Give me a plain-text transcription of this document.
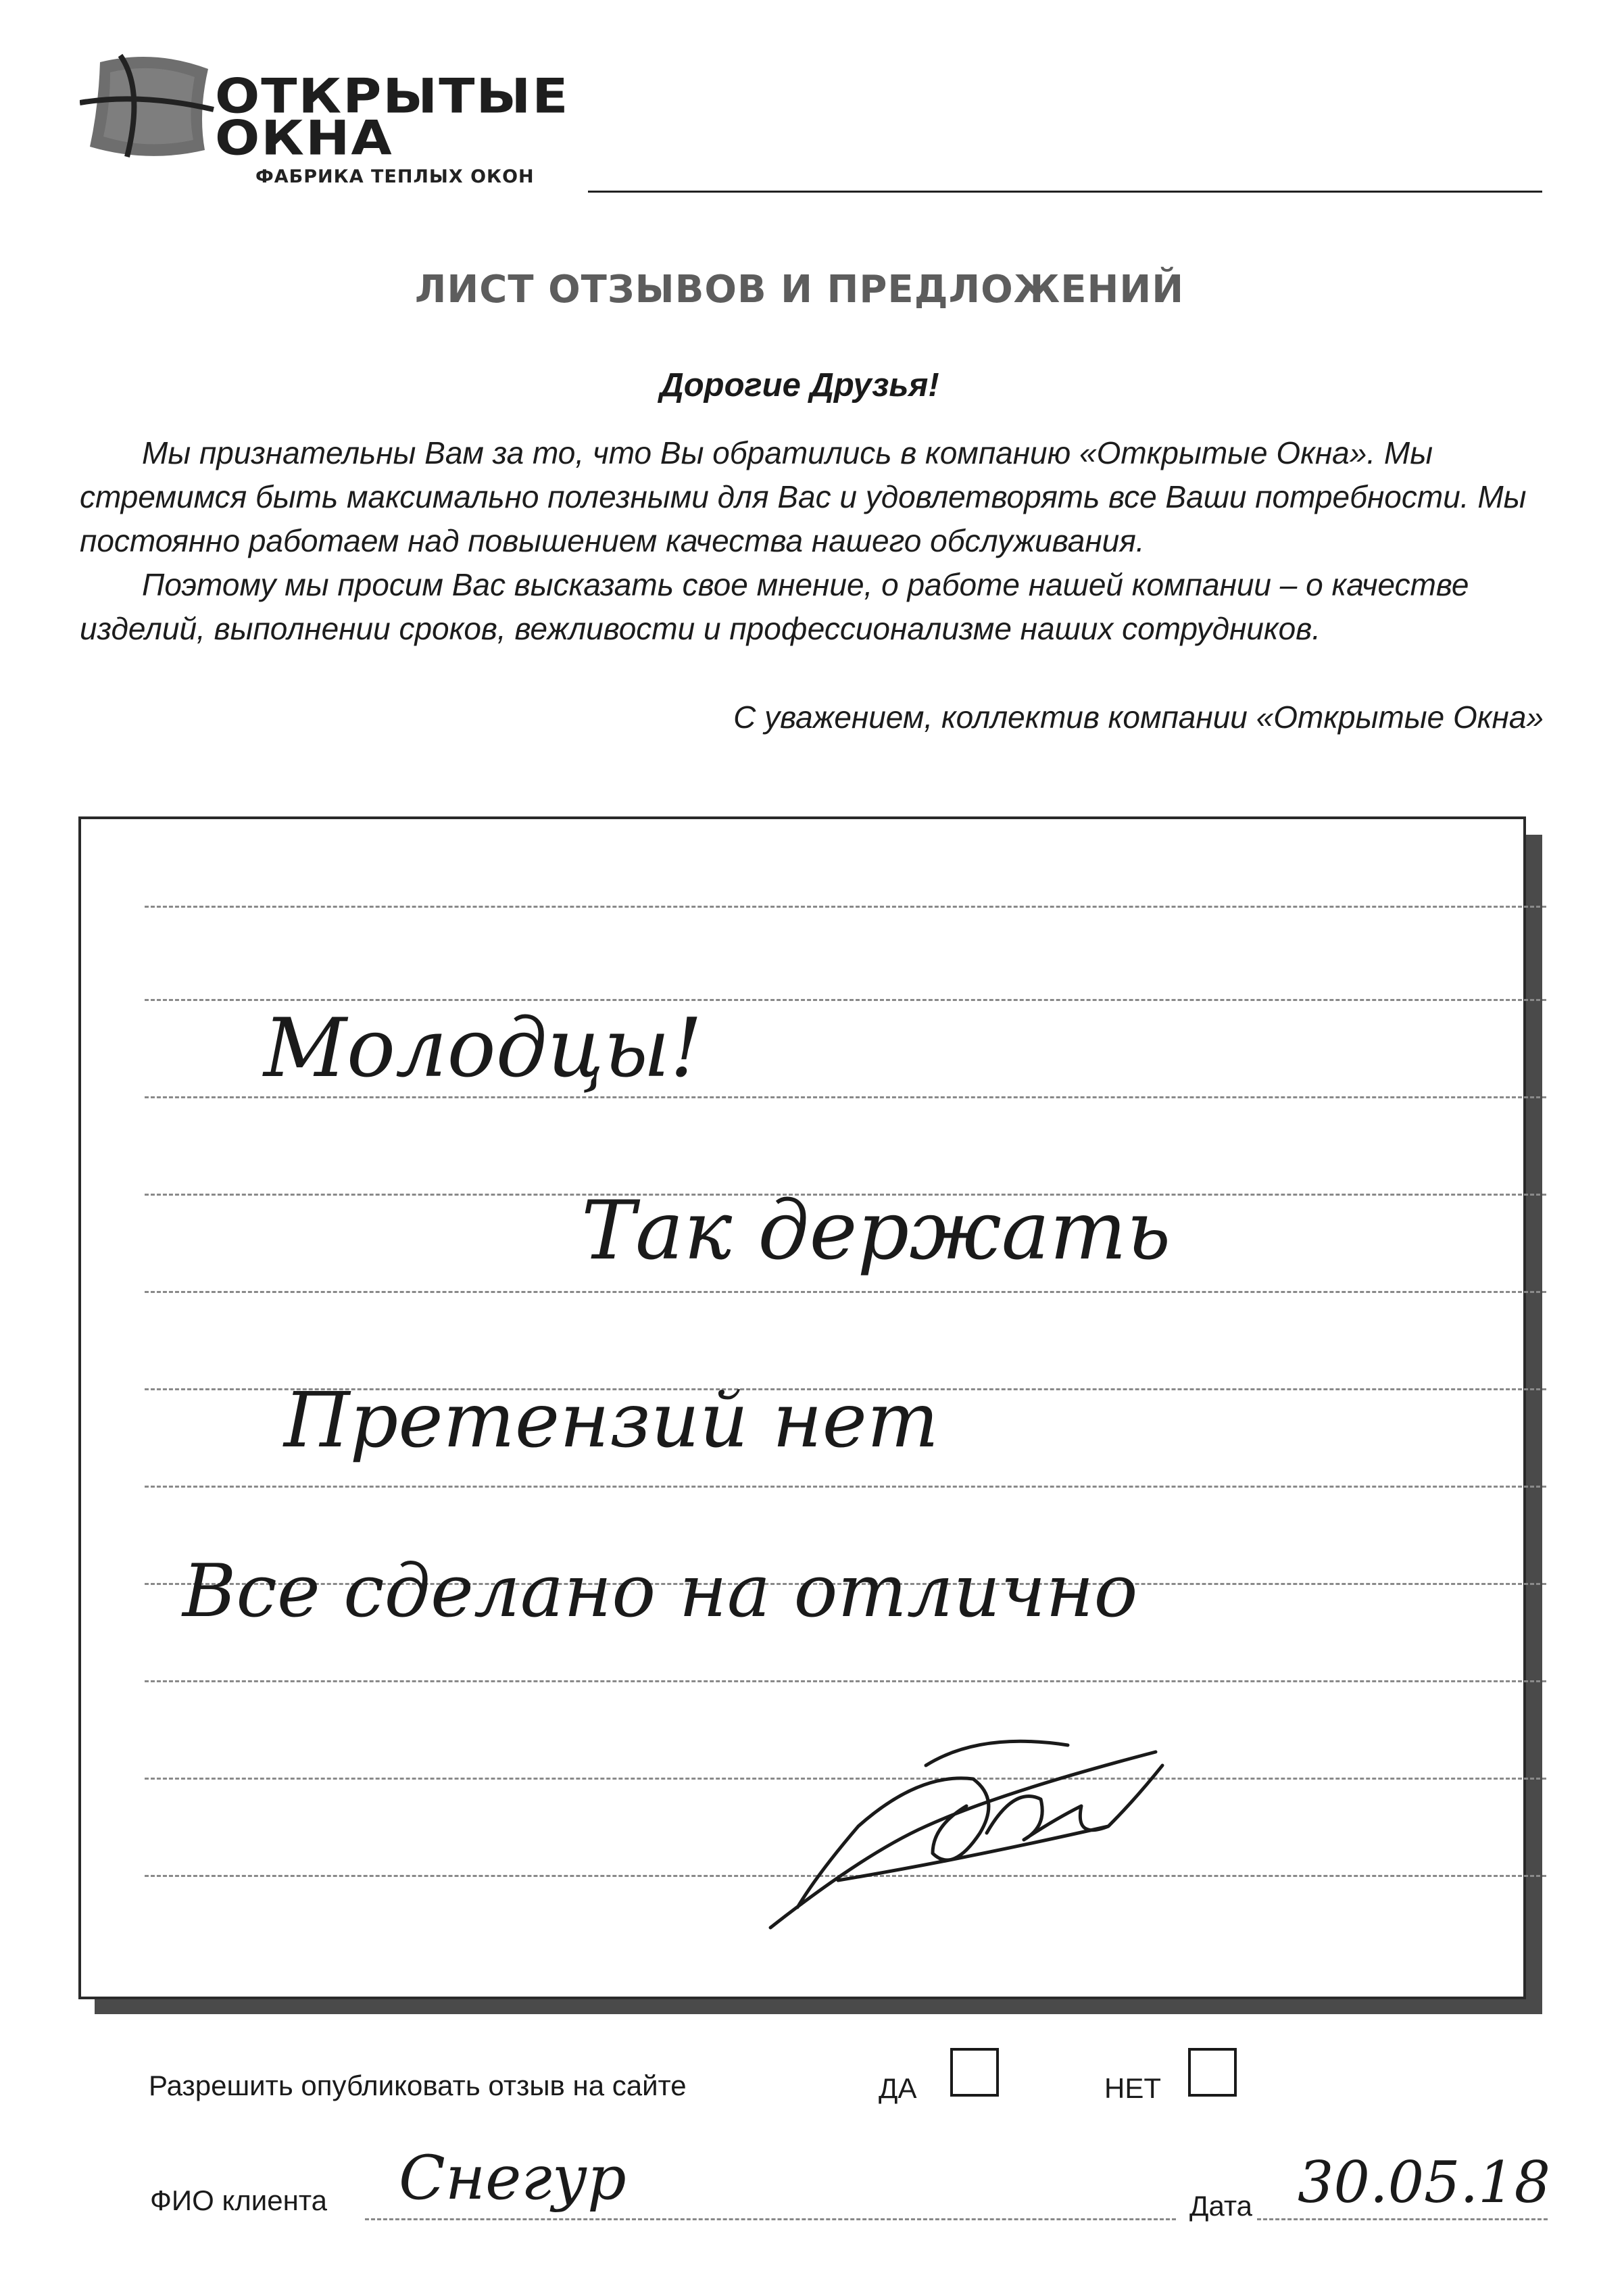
ОТКРЫТЫЕ
ОКНА
ФАБРИКА ТЕПЛЫХ ОКОН
ЛИСТ ОТЗЫВОВ И ПРЕДЛОЖЕНИЙ
Дорогие Друзья!
Мы признательны Вам за то, что Вы обратились в компанию «Открытые Окна». Мы стремимся быть максимально полезными для Вас и удовлетворять все Ваши потребности. Мы постоянно работаем над повышением качества нашего обслуживания.
Поэтому мы просим Вас высказать свое мнение, о работе нашей компании – о качестве изделий, выполнении сроков, вежливости и профессионализме наших сотрудников.
С уважением, коллектив компании «Открытые Окна»
Молодцы!
Так держать
Претензий нет
Все сделано на отлично
Разрешить опубликовать отзыв на сайте	ДА	НЕТ
ФИО клиента Снегур	Дата 30.05.18
